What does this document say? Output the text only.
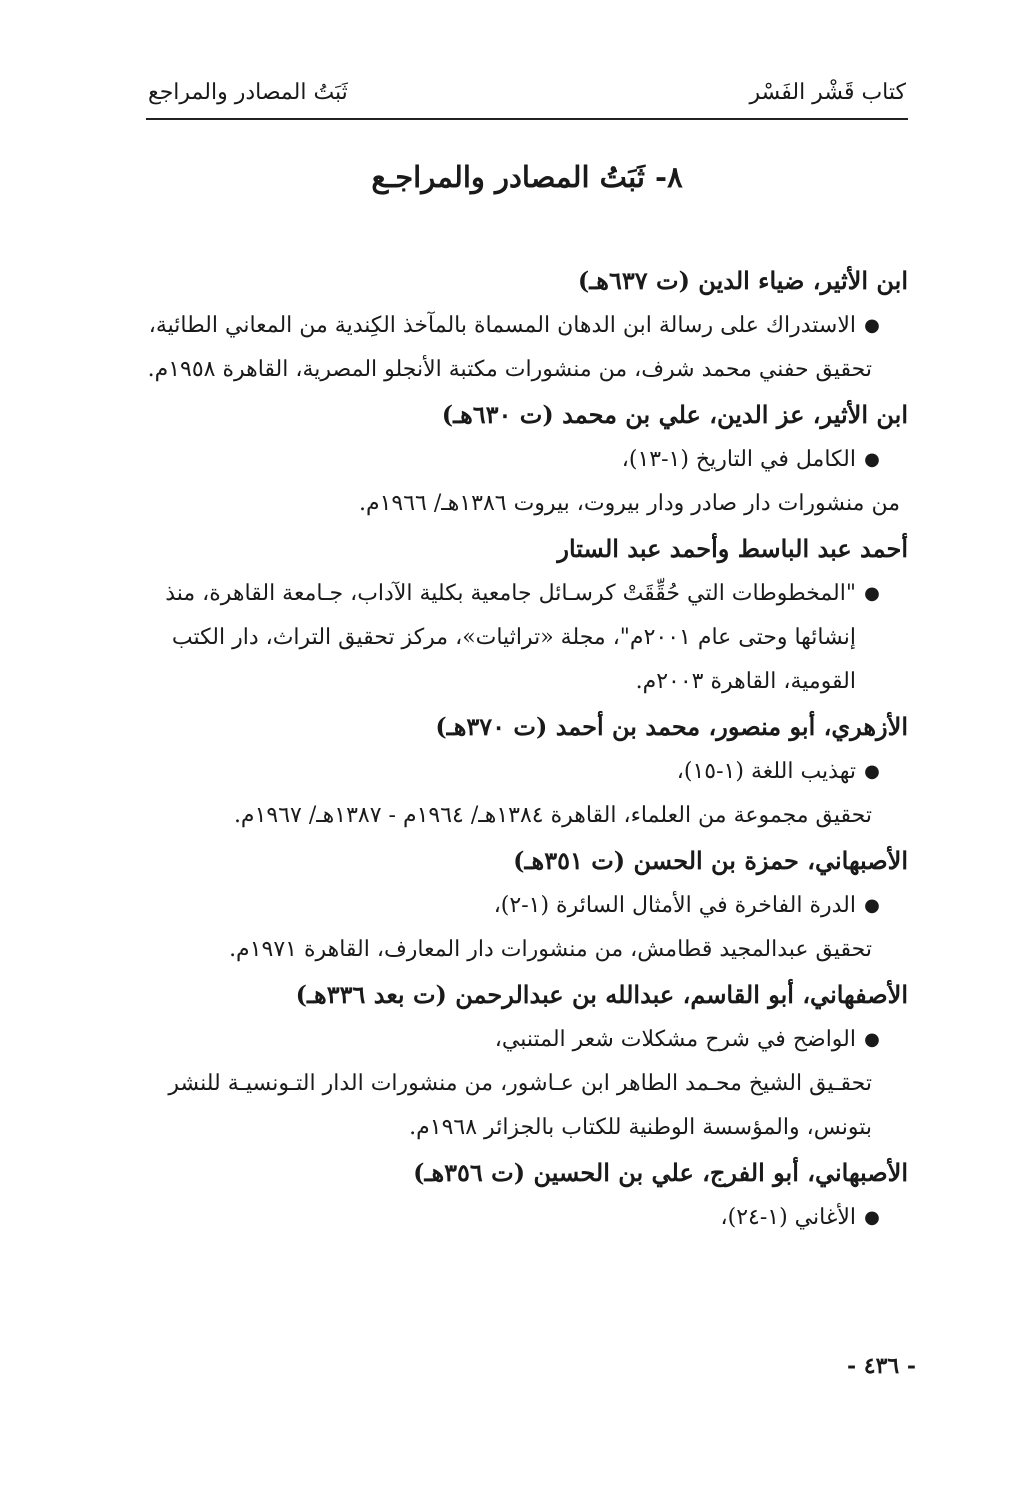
كتاب قَشْر الفَسْر
ثَبَتُ المصادر والمراجع
٨- ثَبَتُ المصادر والمراجـع

ابن الأثير، ضياء الدين (ت ٦٣٧هـ)

●
الاستدراك على رسالة ابن الدهان المسماة بالمآخذ الكِندية من المعاني الطائية،

تحقيق حفني محمد شرف، من منشورات مكتبة الأنجلو المصرية، القاهرة ١٩٥٨م.

ابن الأثير، عز الدين، علي بن محمد (ت ٦٣٠هـ)

●
الكامل في التاريخ (١-١٣)،

من منشورات دار صادر ودار بيروت، بيروت ١٣٨٦هـ/ ١٩٦٦م.

أحمد عبد الباسط وأحمد عبد الستار

●
"المخطوطات التي حُقِّقَتْ كرسـائل جامعية بكلية الآداب، جـامعة القاهرة، منذ إنشائها وحتى عام ٢٠٠١م"، مجلة «تراثيات»، مركز تحقيق التراث، دار الكتب القومية، القاهرة ٢٠٠٣م.

الأزهري، أبو منصور، محمد بن أحمد (ت ٣٧٠هـ)

●
تهذيب اللغة (١-١٥)،

تحقيق مجموعة من العلماء، القاهرة ١٣٨٤هـ/ ١٩٦٤م - ١٣٨٧هـ/ ١٩٦٧م.

الأصبهاني، حمزة بن الحسن (ت ٣٥١هـ)

●
الدرة الفاخرة في الأمثال السائرة (١-٢)،

تحقيق عبدالمجيد قطامش، من منشورات دار المعارف، القاهرة ١٩٧١م.

الأصفهاني، أبو القاسم، عبدالله بن عبدالرحمن (ت بعد ٣٣٦هـ)

●
الواضح في شرح مشكلات شعر المتنبي،

تحقـيق الشيخ محـمد الطاهر ابن عـاشور، من منشورات الدار التـونسيـة للنشر بتونس، والمؤسسة الوطنية للكتاب بالجزائر ١٩٦٨م.

الأصبهاني، أبو الفرج، علي بن الحسين (ت ٣٥٦هـ)

●
الأغاني (١-٢٤)،
- ٤٣٦ -
